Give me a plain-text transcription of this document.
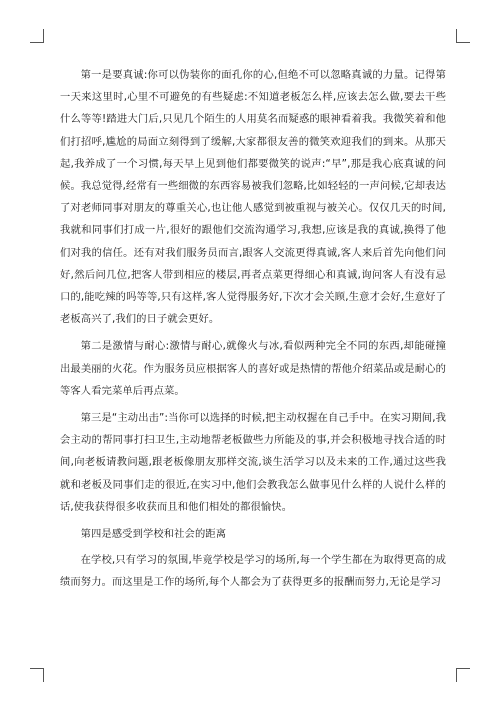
第一是要真诚:你可以伪装你的面孔你的心,但绝不可以忽略真诚的力量。记得第一天来这里时,心里不可避免的有些疑虑:不知道老板怎么样,应该去怎么做,要去干些什么等等!踏进大门后,只见几个陌生的人用莫名而疑惑的眼神看着我。我微笑着和他们打招呼,尴尬的局面立刻得到了缓解,大家都很友善的微笑欢迎我们的到来。从那天起,我养成了一个习惯,每天早上见到他们都要微笑的说声:“早”,那是我心底真诚的问候。我总觉得,经常有一些细微的东西容易被我们忽略,比如轻轻的一声问候,它却表达了对老师同事对朋友的尊重关心,也让他人感觉到被重视与被关心。仅仅几天的时间,我就和同事们打成一片,很好的跟他们交流沟通学习,我想,应该是我的真诚,换得了他们对我的信任。还有对我们服务员而言,跟客人交流更得真诚,客人来后首先向他们问好,然后问几位,把客人带到相应的楼层,再者点菜更得细心和真诚,询问客人有没有忌口的,能吃辣的吗等等,只有这样,客人觉得服务好,下次才会关顾,生意才会好,生意好了老板高兴了,我们的日子就会更好。

第二是激情与耐心:激情与耐心,就像火与冰,看似两种完全不同的东西,却能碰撞出最美丽的火花。作为服务员应根据客人的喜好或是热情的帮他介绍菜品或是耐心的等客人看完菜单后再点菜。

第三是“主动出击”:当你可以选择的时候,把主动权握在自己手中。在实习期间,我会主动的帮同事打扫卫生,主动地帮老板做些力所能及的事,并会积极地寻找合适的时间,向老板请教问题,跟老板像朋友那样交流,谈生活学习以及未来的工作,通过这些我就和老板及同事们走的很近,在实习中,他们会教我怎么做事见什么样的人说什么样的话,使我获得很多收获而且和他们相处的都很愉快。

第四是感受到学校和社会的距离

在学校,只有学习的氛围,毕竟学校是学习的场所,每一个学生都在为取得更高的成绩而努力。而这里是工作的场所,每个人都会为了获得更多的报酬而努力,无论是学习
